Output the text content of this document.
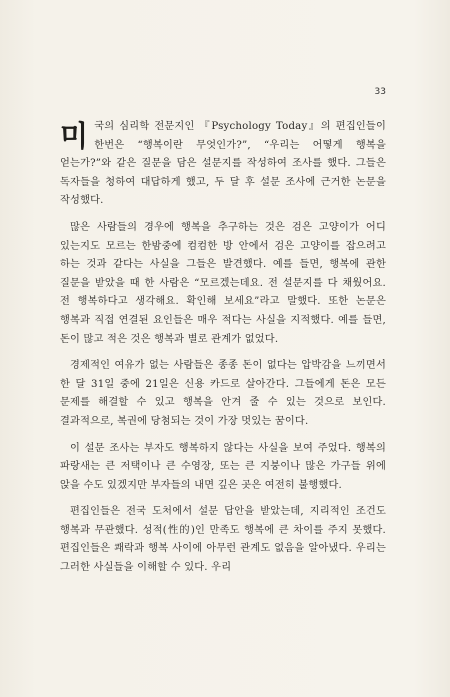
33

미국의 심리학 전문지인 『Psychology Today』의 편집인들이 한번은 “행복이란 무엇인가?”, “우리는 어떻게 행복을 얻는가?”와 같은 질문을 담은 설문지를 작성하여 조사를 했다. 그들은 독자들을 청하여 대답하게 했고, 두 달 후 설문 조사에 근거한 논문을 작성했다.

많은 사람들의 경우에 행복을 추구하는 것은 검은 고양이가 어디 있는지도 모르는 한밤중에 컴컴한 방 안에서 검은 고양이를 잡으려고 하는 것과 같다는 사실을 그들은 발견했다. 예를 들면, 행복에 관한 질문을 받았을 때 한 사람은 “모르겠는데요. 전 설문지를 다 채웠어요. 전 행복하다고 생각해요. 확인해 보세요”라고 말했다. 또한 논문은 행복과 직접 연결된 요인들은 매우 적다는 사실을 지적했다. 예를 들면, 돈이 많고 적은 것은 행복과 별로 관계가 없었다.

경제적인 여유가 없는 사람들은 종종 돈이 없다는 압박감을 느끼면서 한 달 31일 중에 21일은 신용 카드로 살아간다. 그들에게 돈은 모든 문제를 해결할 수 있고 행복을 안겨 줄 수 있는 것으로 보인다. 결과적으로, 복권에 당첨되는 것이 가장 멋있는 꿈이다.

이 설문 조사는 부자도 행복하지 않다는 사실을 보여 주었다. 행복의 파랑새는 큰 저택이나 큰 수영장, 또는 큰 지붕이나 많은 가구들 위에 앉을 수도 있겠지만 부자들의 내면 깊은 곳은 여전히 불행했다.

편집인들은 전국 도처에서 설문 답안을 받았는데, 지리적인 조건도 행복과 무관했다. 성적(性的)인 만족도 행복에 큰 차이를 주지 못했다. 편집인들은 쾌락과 행복 사이에 아무런 관계도 없음을 알아냈다. 우리는 그러한 사실들을 이해할 수 있다. 우리
